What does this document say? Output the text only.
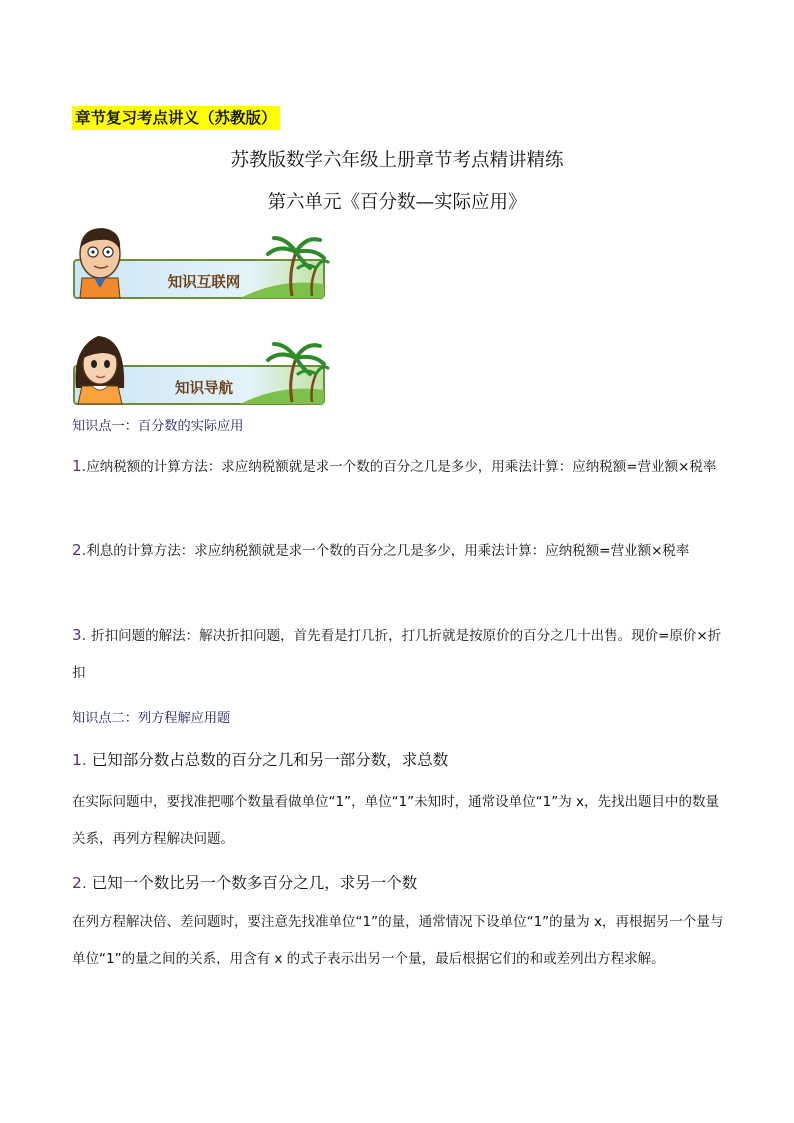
章节复习考点讲义（苏教版）
苏教版数学六年级上册章节考点精讲精练
第六单元《百分数—实际应用》
知识互联网
知识导航
知识点一：百分数的实际应用
1.应纳税额的计算方法：求应纳税额就是求一个数的百分之几是多少，用乘法计算：应纳税额=营业额×税率
2.利息的计算方法：求应纳税额就是求一个数的百分之几是多少，用乘法计算：应纳税额=营业额×税率
3. 折扣问题的解法：解决折扣问题，首先看是打几折，打几折就是按原价的百分之几十出售。现价=原价×折扣
知识点二：列方程解应用题
1. 已知部分数占总数的百分之几和另一部分数，求总数
在实际问题中，要找准把哪个数量看做单位“1”，单位“1”未知时，通常设单位“1”为 x，先找出题目中的数量关系，再列方程解决问题。
2. 已知一个数比另一个数多百分之几，求另一个数
在列方程解决倍、差问题时，要注意先找准单位“1”的量，通常情况下设单位“1”的量为 x，再根据另一个量与单位“1”的量之间的关系，用含有 x 的式子表示出另一个量，最后根据它们的和或差列出方程求解。
